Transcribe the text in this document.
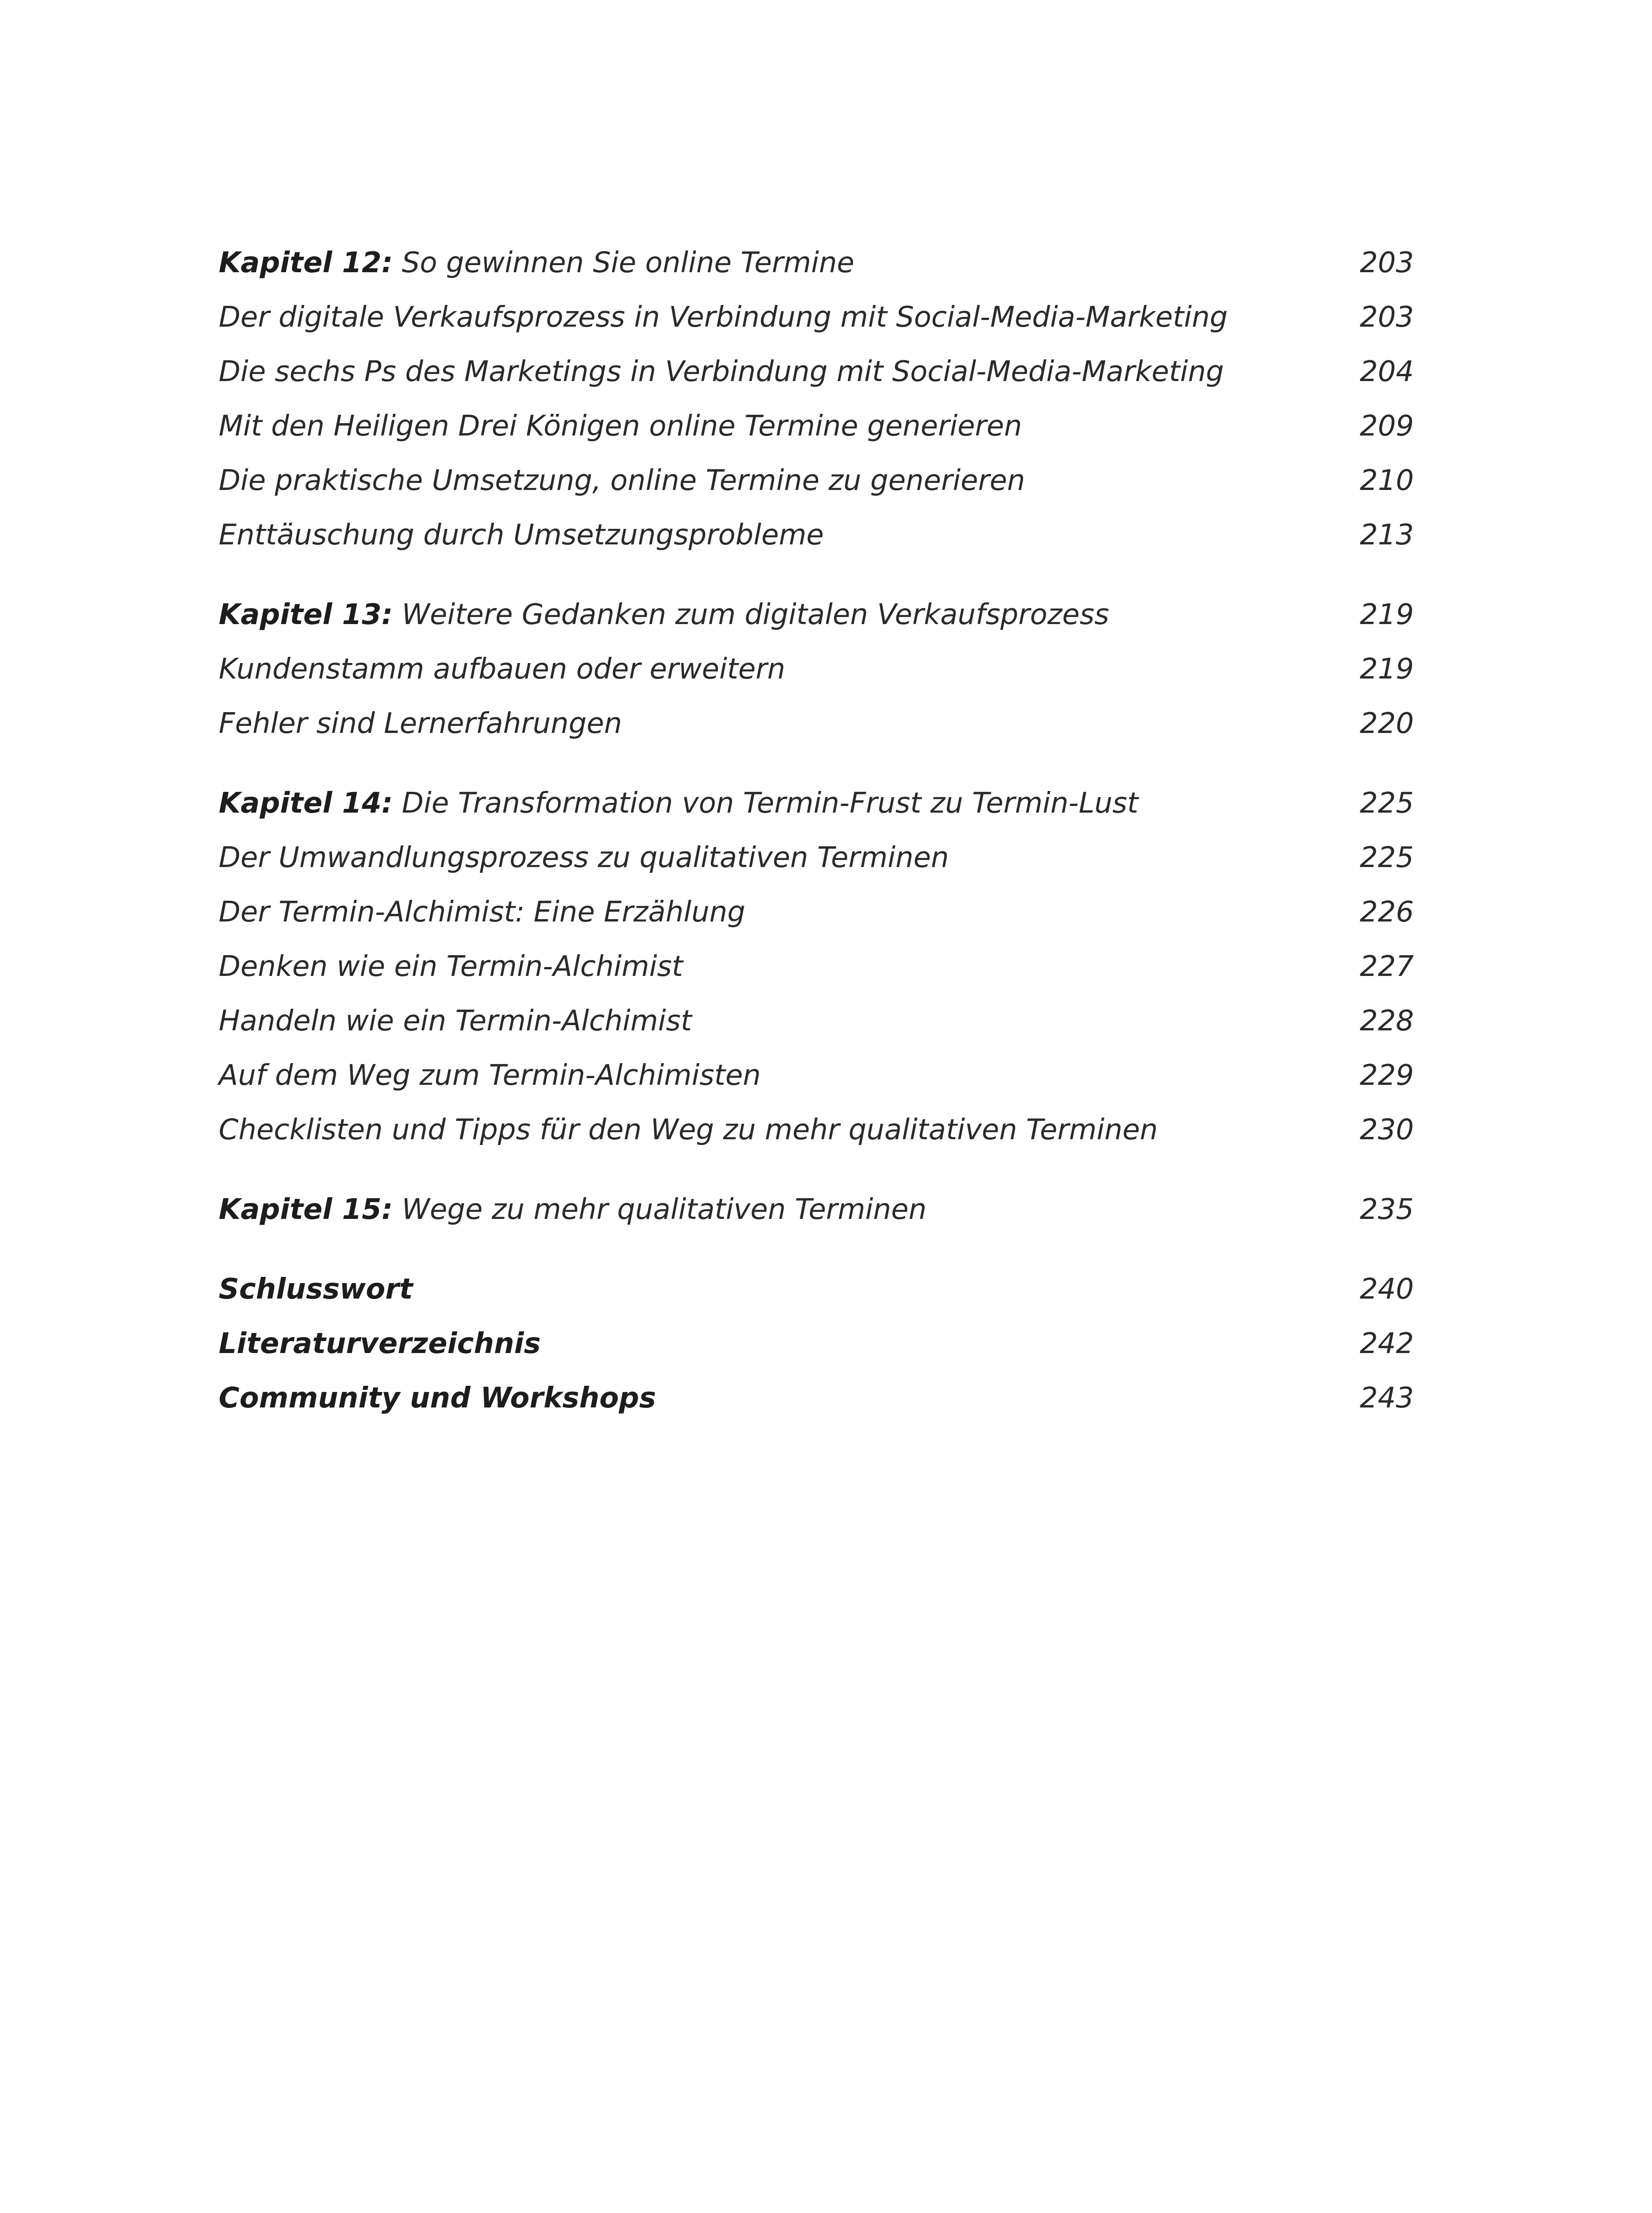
Kapitel 12: So gewinnen Sie online Termine	203
Der digitale Verkaufsprozess in Verbindung mit Social-Media-Marketing	203
Die sechs Ps des Marketings in Verbindung mit Social-Media-Marketing	204
Mit den Heiligen Drei Königen online Termine generieren	209
Die praktische Umsetzung, online Termine zu generieren	210
Enttäuschung durch Umsetzungsprobleme	213
Kapitel 13: Weitere Gedanken zum digitalen Verkaufsprozess	219
Kundenstamm aufbauen oder erweitern	219
Fehler sind Lernerfahrungen	220
Kapitel 14: Die Transformation von Termin-Frust zu Termin-Lust	225
Der Umwandlungsprozess zu qualitativen Terminen	225
Der Termin-Alchimist: Eine Erzählung	226
Denken wie ein Termin-Alchimist	227
Handeln wie ein Termin-Alchimist	228
Auf dem Weg zum Termin-Alchimisten	229
Checklisten und Tipps für den Weg zu mehr qualitativen Terminen	230
Kapitel 15: Wege zu mehr qualitativen Terminen	235
Schlusswort	240
Literaturverzeichnis	242
Community und Workshops	243
